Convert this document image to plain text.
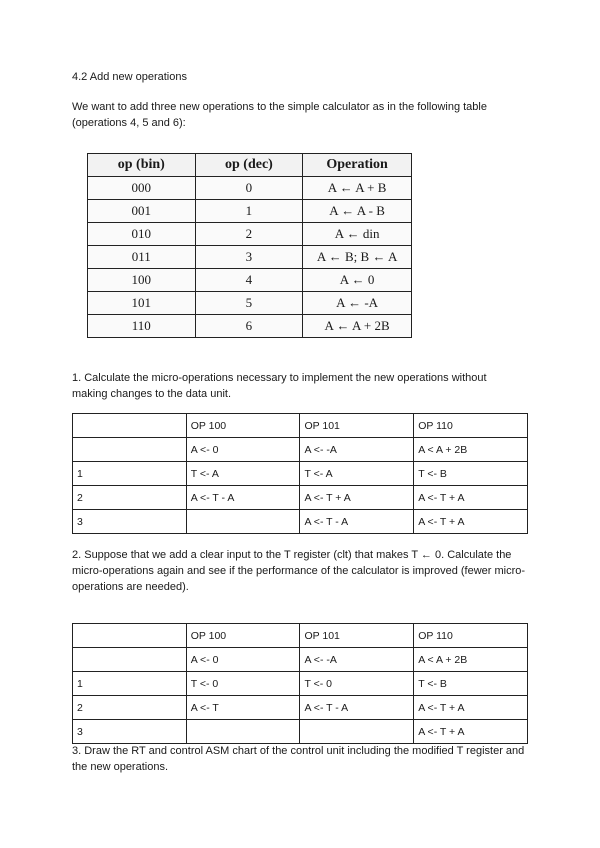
4.2 Add new operations
We want to add three new operations to the simple calculator as in the following table (operations 4, 5 and 6):
op (bin)	op (dec)	Operation
000	0	A ← A + B
001	1	A ← A - B
010	2	A ← din
011	3	A ← B; B ← A
100	4	A ← 0
101	5	A ← -A
110	6	A ← A + 2B
1. Calculate the micro-operations necessary to implement the new operations without making changes to the data unit.
	OP 100	OP 101	OP 110
	A <- 0	A <- -A	A < A + 2B
1	T <- A	T <- A	T <- B
2	A <- T - A	A <- T + A	A <- T + A
3		A <- T - A	A <- T + A
2. Suppose that we add a clear input to the T register (clt) that makes T ← 0. Calculate the micro-operations again and see if the performance of the calculator is improved (fewer micro-operations are needed).
	OP 100	OP 101	OP 110
	A <- 0	A <- -A	A < A + 2B
1	T <- 0	T <- 0	T <- B
2	A <- T	A <- T - A	A <- T + A
3			A <- T + A
3. Draw the RT and control ASM chart of the control unit including the modified T register and the new operations.
